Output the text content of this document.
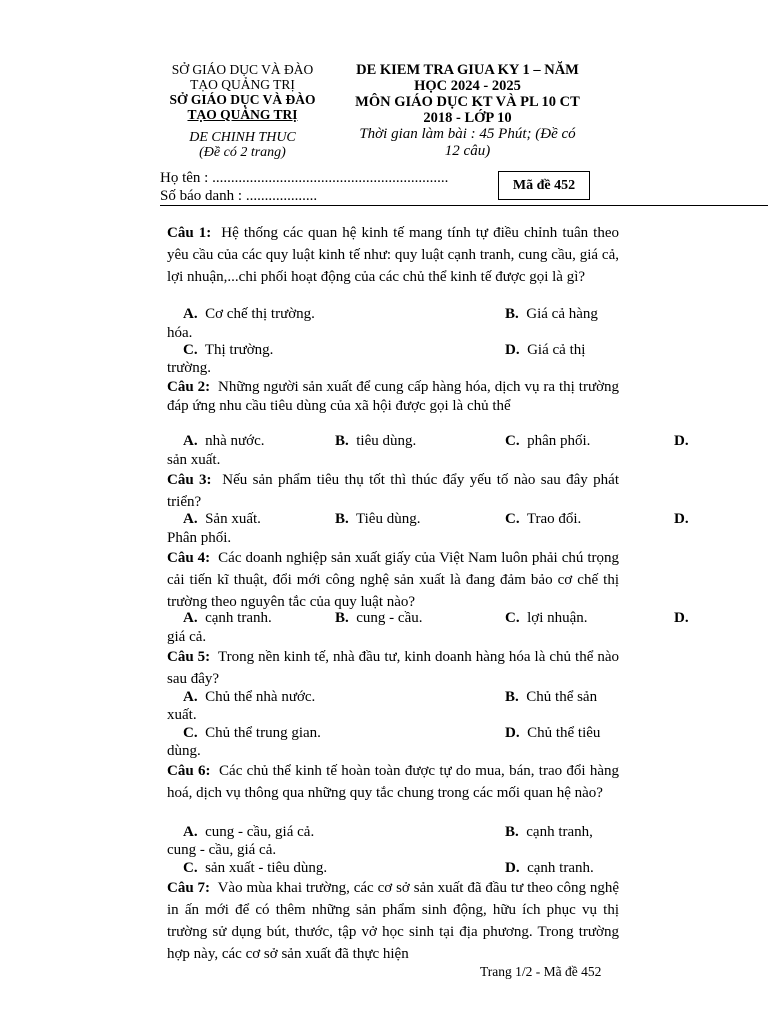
SỞ GIÁO DỤC VÀ ĐÀO
TẠO QUẢNG TRỊ
SỞ GIÁO DỤC VÀ ĐÀO
TẠO QUẢNG TRỊ
DE CHINH THUC
(Đề có 2 trang)
DE KIEM TRA GIUA KY 1 – NĂM
HỌC 2024 - 2025
MÔN GIÁO DỤC KT VÀ PL 10 CT
2018 - LỚP 10
Thời gian làm bài : 45 Phút; (Đề có
12 câu)
Họ tên : ...............................................................
Số báo danh : ...................
Mã đề 452
Câu 1: Hệ thống các quan hệ kinh tế mang tính tự điều chỉnh tuân theo yêu cầu của các quy luật kinh tế như: quy luật cạnh tranh, cung cầu, giá cả, lợi nhuận,...chi phối hoạt động của các chủ thể kinh tế được gọi là gì?
A. Cơ chế thị trường.	B. Giá cả hàng
hóa.
C. Thị trường.	D. Giá cả thị
trường.
Câu 2: Những người sản xuất để cung cấp hàng hóa, dịch vụ ra thị trường đáp ứng nhu cầu tiêu dùng của xã hội được gọi là chủ thể
A. nhà nước.	B. tiêu dùng.	C. phân phối.	D.
sản xuất.
Câu 3: Nếu sản phẩm tiêu thụ tốt thì thúc đẩy yếu tố nào sau đây phát triển?
A. Sản xuất.	B. Tiêu dùng.	C. Trao đổi.	D.
Phân phối.
Câu 4: Các doanh nghiệp sản xuất giấy của Việt Nam luôn phải chú trọng cải tiến kĩ thuật, đổi mới công nghệ sản xuất là đang đảm bảo cơ chế thị trường theo nguyên tắc của quy luật nào?
A. cạnh tranh.	B. cung - cầu.	C. lợi nhuận.	D.
giá cả.
Câu 5: Trong nền kinh tế, nhà đầu tư, kinh doanh hàng hóa là chủ thể nào sau đây?
A. Chủ thể nhà nước.	B. Chủ thể sản
xuất.
C. Chủ thể trung gian.	D. Chủ thể tiêu
dùng.
Câu 6: Các chủ thể kinh tế hoàn toàn được tự do mua, bán, trao đổi hàng hoá, dịch vụ thông qua những quy tắc chung trong các mối quan hệ nào?
A. cung - cầu, giá cả.	B. cạnh tranh,
cung - cầu, giá cả.
C. sản xuất - tiêu dùng.	D. cạnh tranh.
Câu 7: Vào mùa khai trường, các cơ sở sản xuất đã đầu tư theo công nghệ in ấn mới để có thêm những sản phẩm sinh động, hữu ích phục vụ thị trường sử dụng bút, thước, tập vở học sinh tại địa phương. Trong trường hợp này, các cơ sở sản xuất đã thực hiện
Trang 1/2 - Mã đề 452
